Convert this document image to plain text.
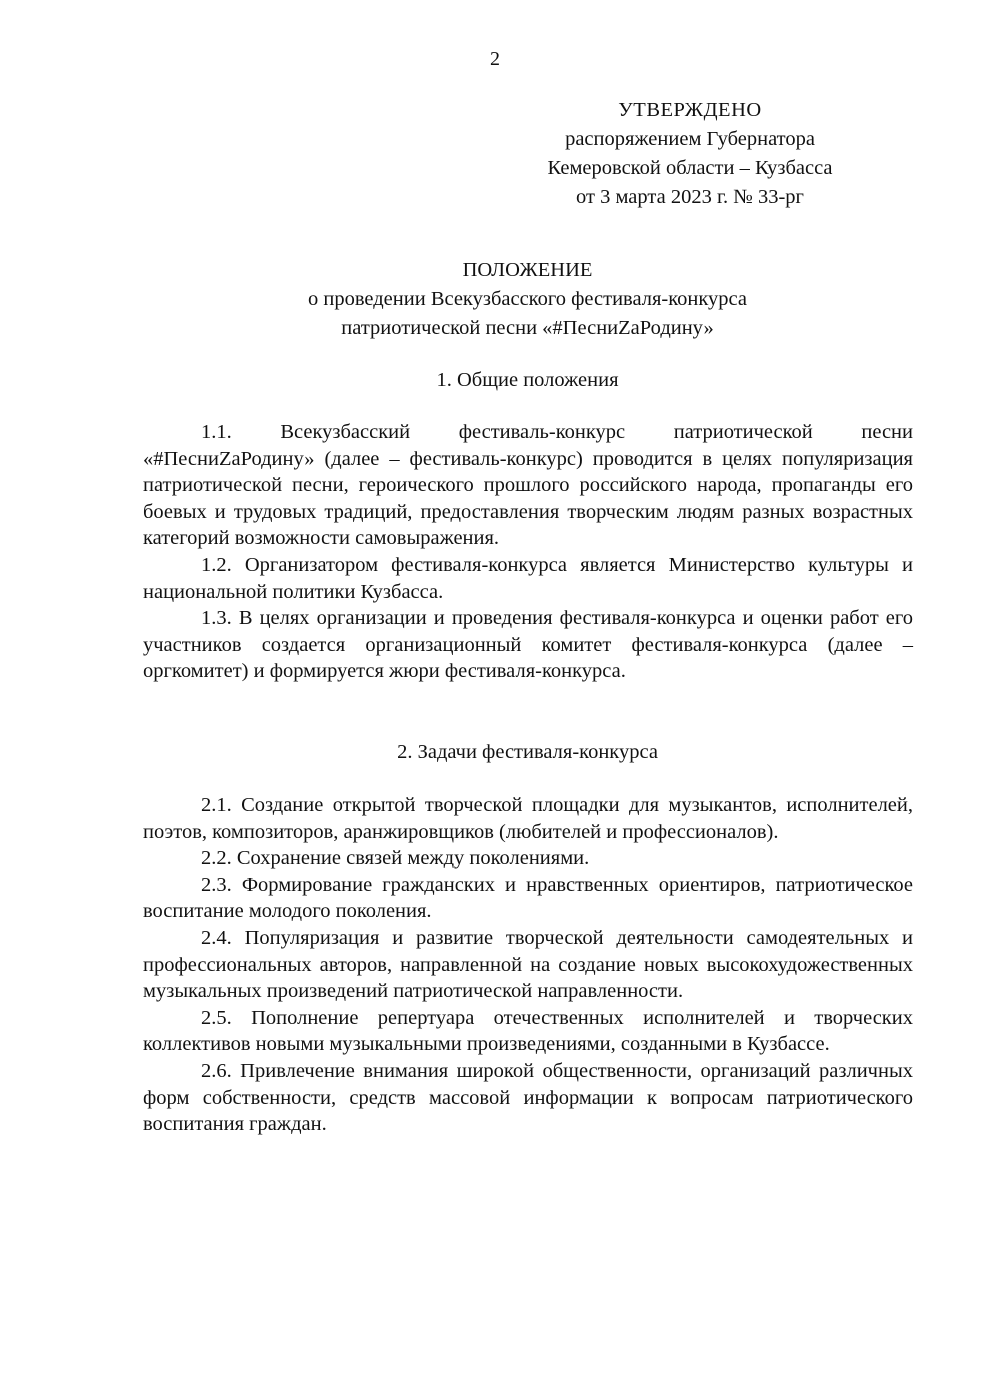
2
УТВЕРЖДЕНО
распоряжением Губернатора
Кемеровской области – Кузбасса
от 3 марта 2023 г. № 33-рг
ПОЛОЖЕНИЕ
о проведении Всекузбасского фестиваля-конкурса
патриотической песни «#ПесниZaРодину»
1. Общие положения

1.1. Всекузбасский фестиваль-конкурс патриотической песни «#ПесниZaРодину» (далее – фестиваль-конкурс) проводится в целях популяризация патриотической песни, героического прошлого российского народа, пропаганды его боевых и трудовых традиций, предоставления творческим людям разных возрастных категорий возможности самовыражения.

1.2. Организатором фестиваля-конкурса является Министерство культуры и национальной политики Кузбасса.

1.3. В целях организации и проведения фестиваля-конкурса и оценки работ его участников создается организационный комитет фестиваля-конкурса (далее – оргкомитет) и формируется жюри фестиваля-конкурса.

2. Задачи фестиваля-конкурса

2.1. Создание открытой творческой площадки для музыкантов, исполнителей, поэтов, композиторов, аранжировщиков (любителей и профессионалов).

2.2. Сохранение связей между поколениями.

2.3. Формирование гражданских и нравственных ориентиров, патриотическое воспитание молодого поколения.

2.4. Популяризация и развитие творческой деятельности самодеятельных и профессиональных авторов, направленной на создание новых высокохудожественных музыкальных произведений патриотической направленности.

2.5. Пополнение репертуара отечественных исполнителей и творческих коллективов новыми музыкальными произведениями, созданными в Кузбассе.

2.6. Привлечение внимания широкой общественности, организаций различных форм собственности, средств массовой информации к вопросам патриотического воспитания граждан.
